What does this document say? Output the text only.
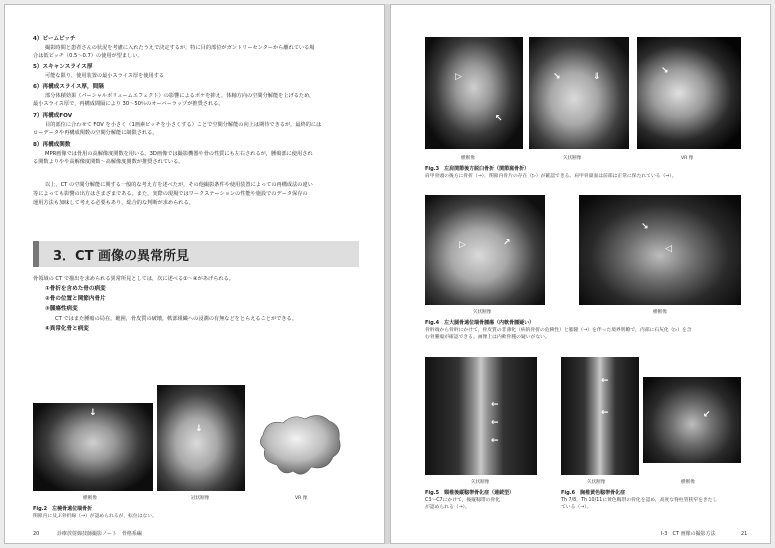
4）ビームピッチ
撮影時間と患者さんの状況を考慮に入れたうえで決定するが，特に目的部位がガントリーセンターから離れている場
合は低ピッチ（0.5～0.7）の使用が望ましい。
5）スキャンスライス厚
可能な限り，使用装置の最小スライス厚を使用する
6）再構成スライス厚，間隔
部分体積効果（パーシャルボリュームエフェクト）の影響によるボケを抑え，体軸方向の空間分解能を上げるため，
最小スライス厚で，再構成間隔により 30～50％のオーバーラップが推奨される。
7）再構成FOV
目的部位に合わせて FOV を小さく（1画素ピッチを小さくする）ことで空間分解能の向上は期待できるが，最終的には
ローデータや再構成関数の空間分解能に制限される。
8）再構成関数
MPR画像では骨用の高解像度関数を用いる。3D画像では撮影機器や骨の性質にも左右されるが，腫瘍部に使用され
る関数よりやや高解像度関数～高解像度関数が推奨されている。
以上，CT の空間分解能に関する一般的な考え方を述べたが，その他撮影条件や使用装置によっての再構成法の違い
等によっても影響の出方はさまざまである。また，実際の現場ではワークステーションの性能や施設でのデータ保存の
運用方法も加味して考える必要もあり，総合的な判断が求められる。
3．CT 画像の異常所見
骨領域の CT で描出を求められる異常所見としては，次に述べる①～④があげられる。
①骨折を含めた骨の病変
②骨の位置と関節内骨片
③腫瘍性病変
CT ではまた腫瘍の局在，範囲，骨皮質の破壊，軟部組織への浸潤の有無などをとらえることができる。
④異常化骨と病変
↓
↓
横断像	冠状断像	VR 像
Fig.2　左橈骨遠位端骨折
関節内に及ぶ骨折線（→）が認められるが，転位はない。
20	診療放射線技師撮影ノート　骨格系編
▷
↖
↘	⇓
↘
横断像	矢状断像	VR 像
Fig.3　左肩関節後方脱臼骨折（関節窩骨折）
肩甲骨頭の後方に骨折（→），関節内骨片の存在（▷）が確認できる。肩甲骨窩面は前部は正常に保たれている（⇒）。
▷	↗
↘
◁
矢状断像	横断像
Fig.4　左大腿骨遠位端骨腫瘍（内軟骨腫疑い）
骨幹端から骨幹にかけて，骨皮質の非薄化（病的骨折の危険性）と膨隆（→）を伴った境界明瞭で，内部に石灰化（▷）を含
む骨腫瘍が確認できる。画像上は内軟骨腫の疑いがない。
←
←
←
矢状断像
Fig.5　頸椎後縦靱帯骨化症（連続型）
C3～C7にかけて，後縦靱帯の骨化
が認められる（→）。
←
←	↙
矢状断像	横断像
Fig.6　胸椎黄色靱帯骨化症
Th 7/8，Th 10/11に黄色靱帯の骨化を認め，高度な脊柱管狭窄をきたし
ている（→）。
Ⅰ-3　CT 画像の撮影方法	21
